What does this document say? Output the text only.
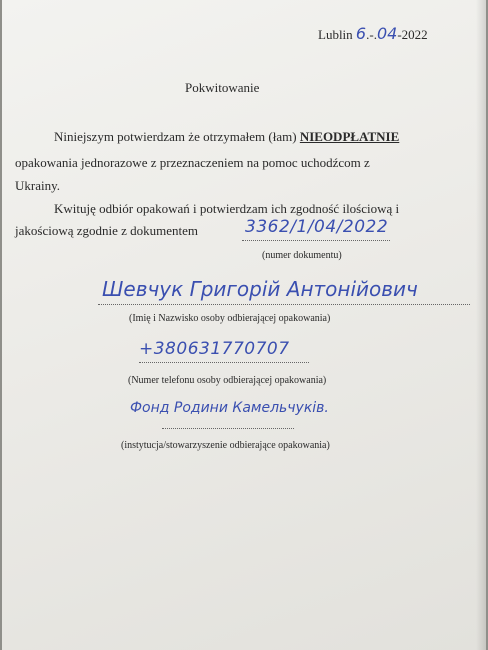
Lublin 6.-.04-2022
Pokwitowanie
Niniejszym potwierdzam że otrzymałem (łam) NIEODPŁATNIE
opakowania jednorazowe z przeznaczeniem na pomoc uchodźcom z
Ukrainy.
Kwituję odbiór opakowań i potwierdzam ich zgodność ilościową i
jakościową zgodnie z dokumentem	3362/1/04/2022
(numer dokumentu)
Шевчук Григорій Антонійович
(Imię i Nazwisko osoby odbierającej opakowania)
+380631770707
(Numer telefonu osoby odbierającej opakowania)
Фонд Родини Камельчуків.
(instytucja/stowarzyszenie odbierające opakowania)
